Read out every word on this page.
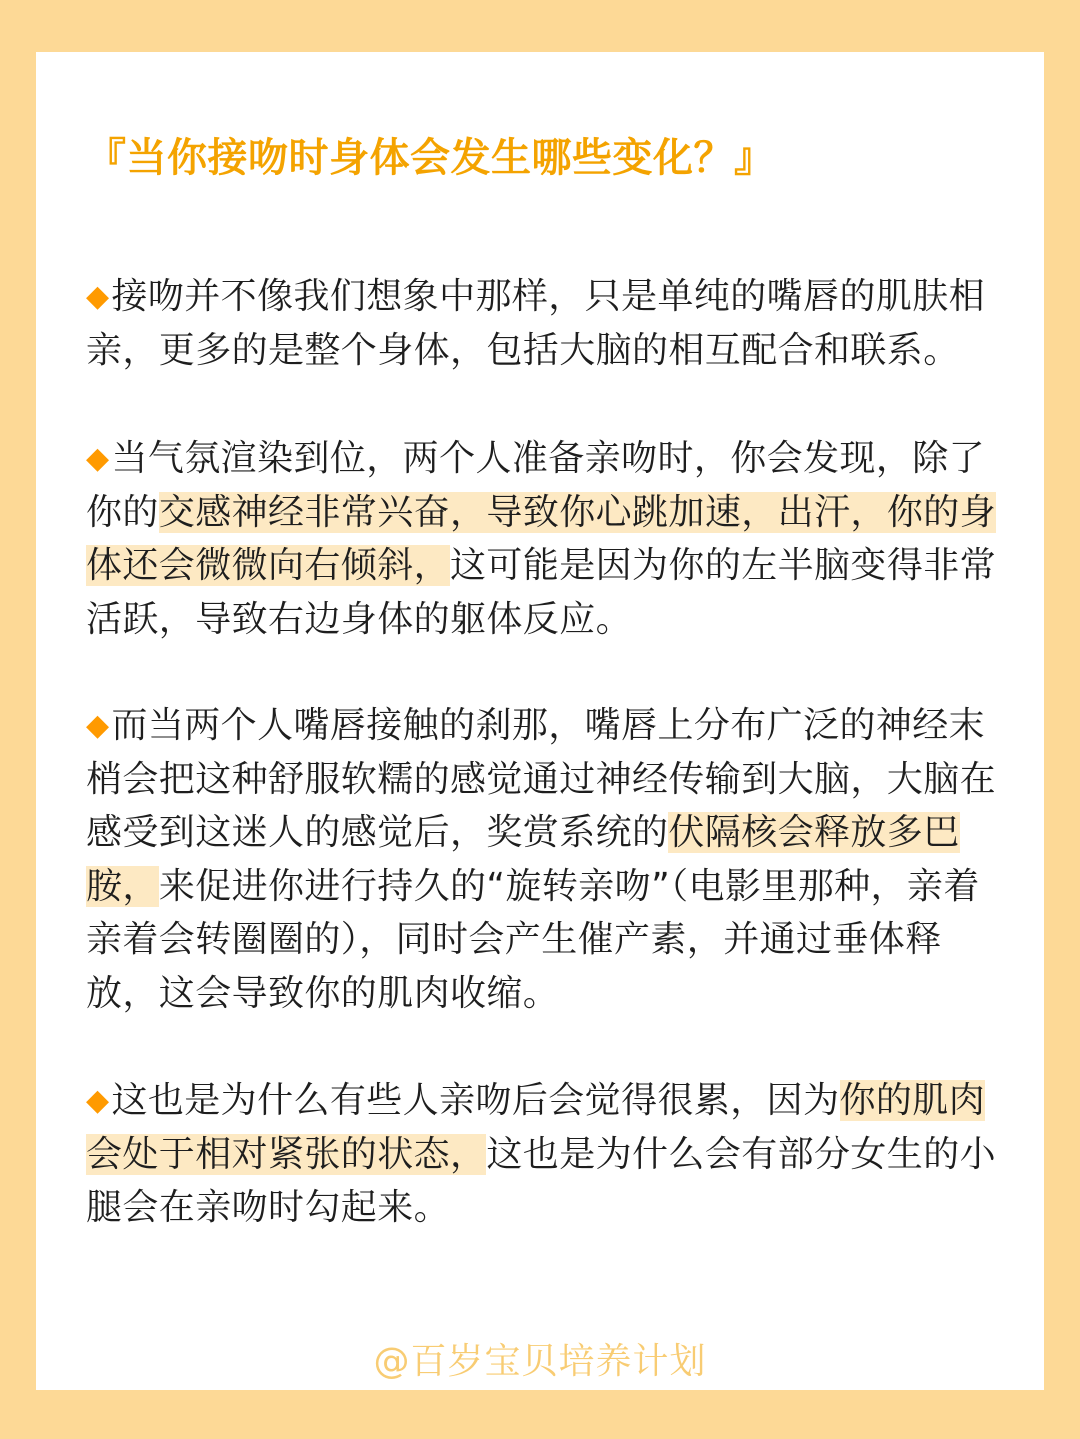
『当你接吻时身体会发生哪些变化？』

◆接吻并不像我们想象中那样，只是单纯的嘴唇的肌肤相亲，更多的是整个身体，包括大脑的相互配合和联系。

◆当气氛渲染到位，两个人准备亲吻时，你会发现，除了你的交感神经非常兴奋，导致你心跳加速，出汗，你的身体还会微微向右倾斜，这可能是因为你的左半脑变得非常活跃，导致右边身体的躯体反应。

◆而当两个人嘴唇接触的刹那，嘴唇上分布广泛的神经末梢会把这种舒服软糯的感觉通过神经传输到大脑，大脑在感受到这迷人的感觉后，奖赏系统的伏隔核会释放多巴胺，来促进你进行持久的“旋转亲吻”（电影里那种，亲着亲着会转圈圈的），同时会产生催产素，并通过垂体释放，这会导致你的肌肉收缩。

◆这也是为什么有些人亲吻后会觉得很累，因为你的肌肉会处于相对紧张的状态，这也是为什么会有部分女生的小腿会在亲吻时勾起来。

@百岁宝贝培养计划
